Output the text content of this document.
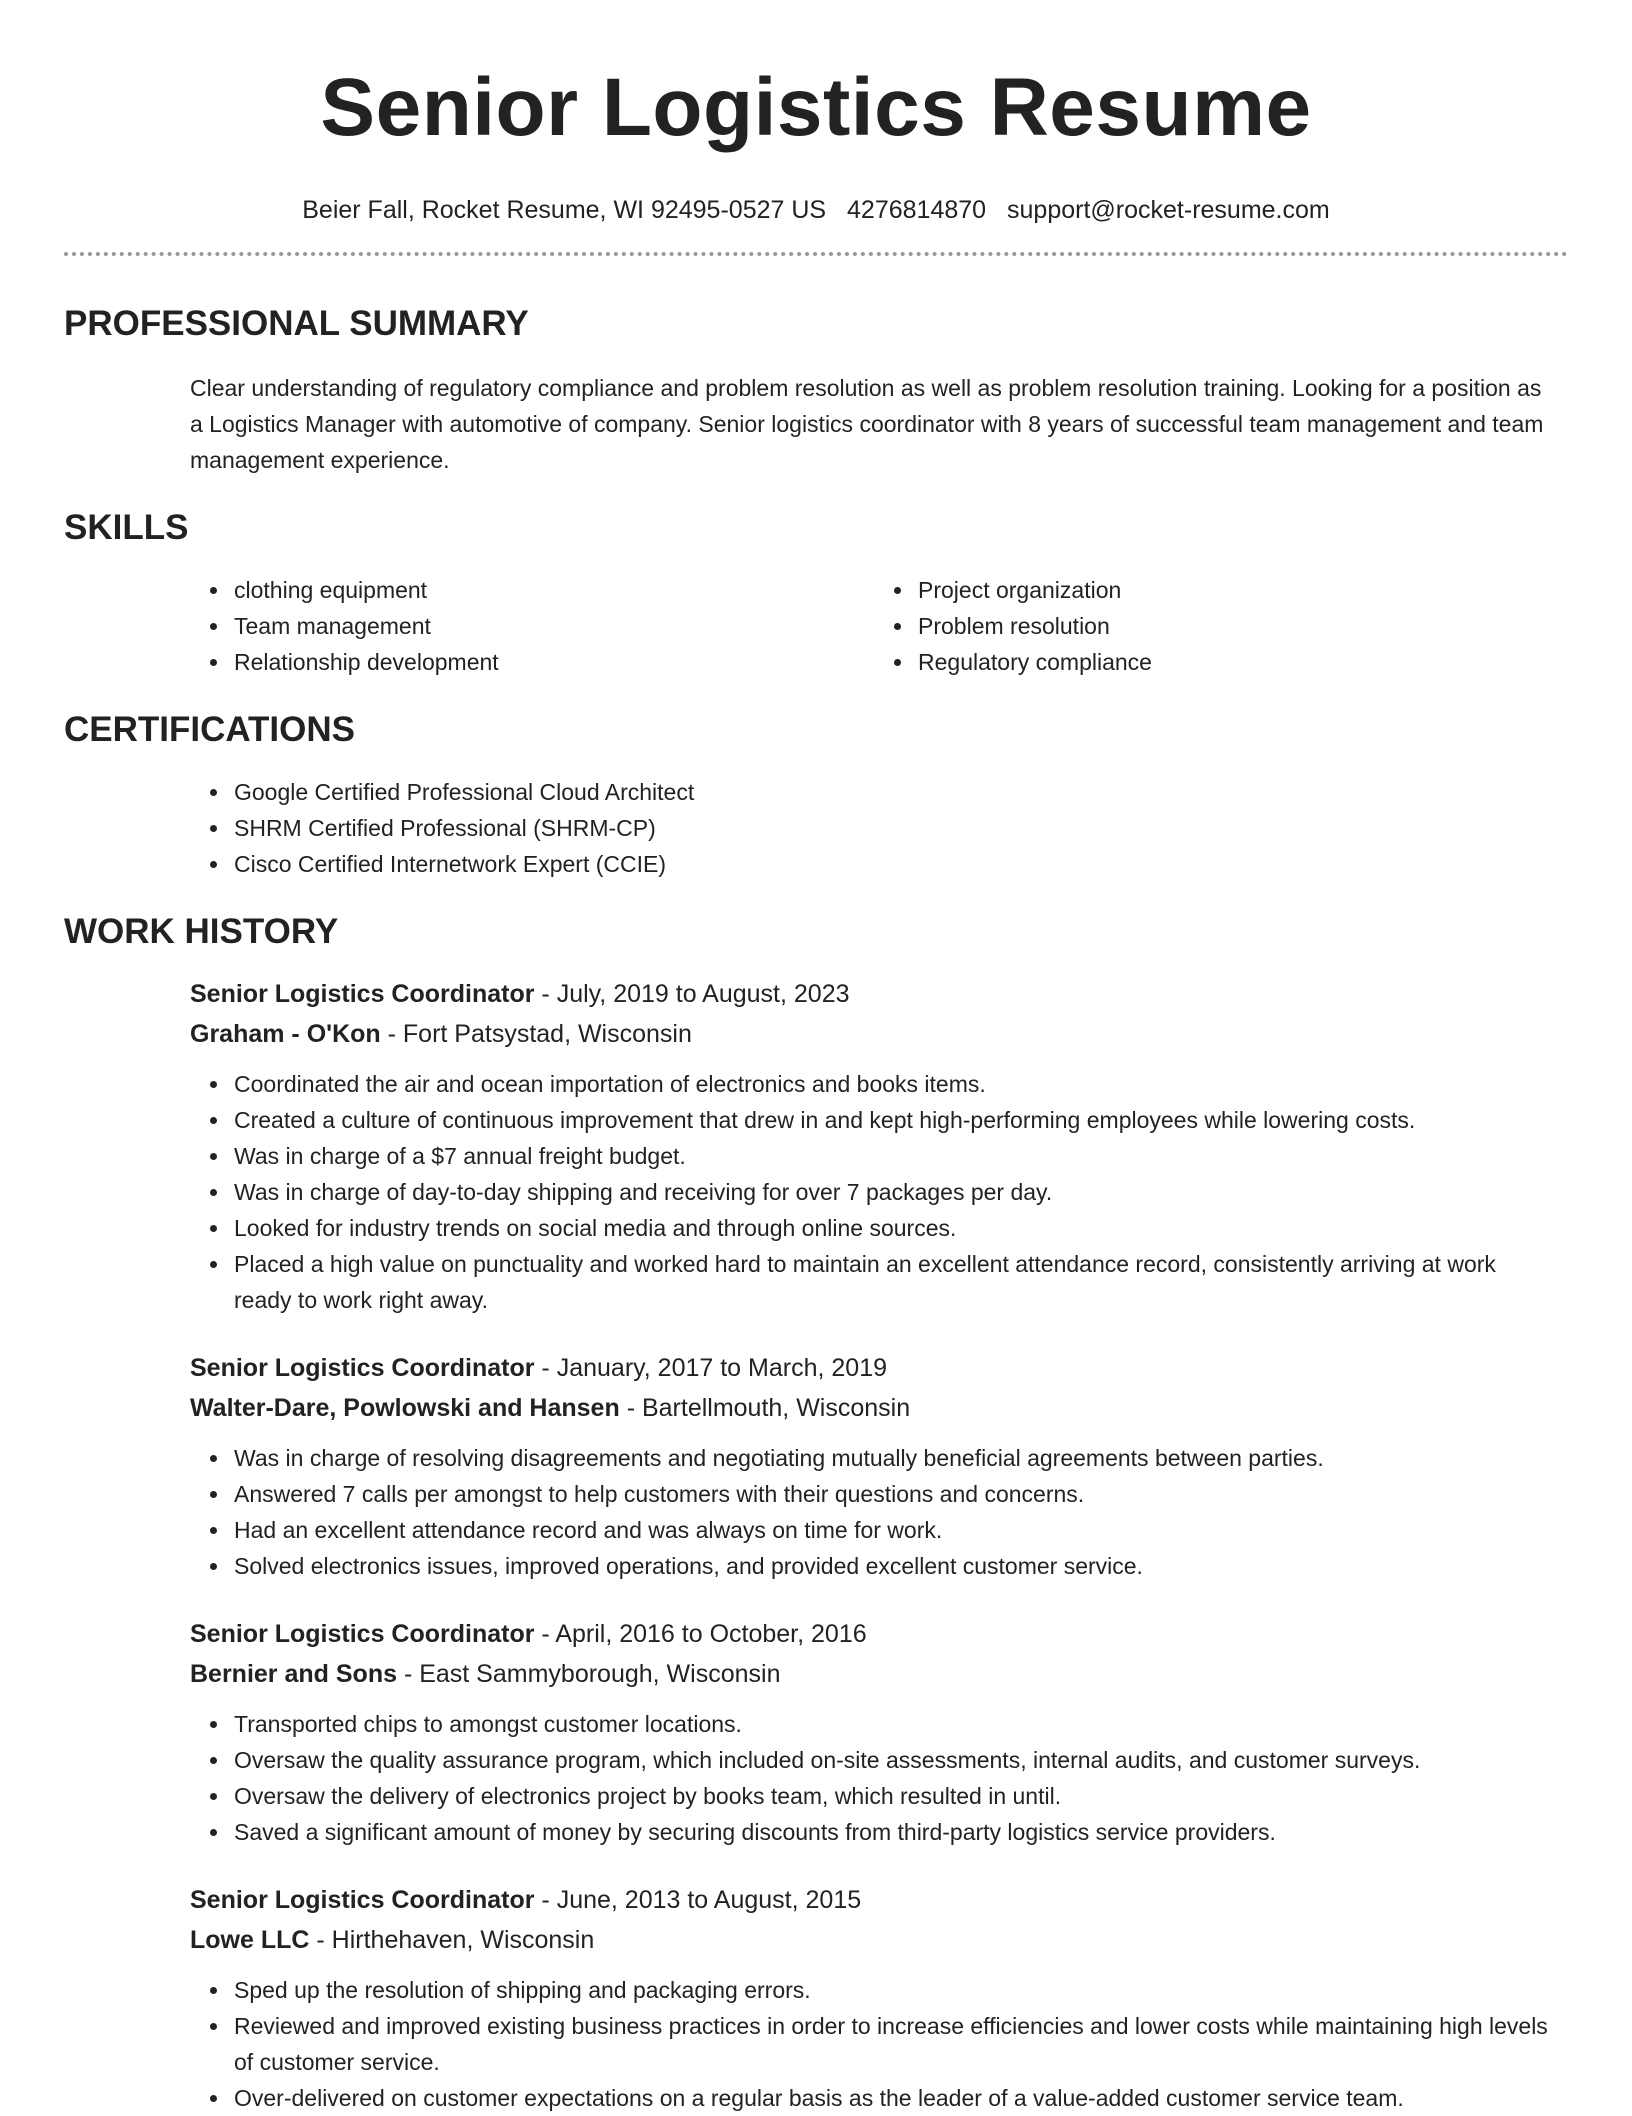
Senior Logistics Resume
Beier Fall, Rocket Resume, WI 92495-0527 US 4276814870 support@rocket-resume.com
PROFESSIONAL SUMMARY

Clear understanding of regulatory compliance and problem resolution as well as problem resolution training. Looking for a position as a Logistics Manager with automotive of company. Senior logistics coordinator with 8 years of successful team management and team management experience.

SKILLS
clothing equipment
Team management
Relationship development
Project organization
Problem resolution
Regulatory compliance
CERTIFICATIONS
Google Certified Professional Cloud Architect
SHRM Certified Professional (SHRM-CP)
Cisco Certified Internetwork Expert (CCIE)
WORK HISTORY
Senior Logistics Coordinator - July, 2019 to August, 2023
Graham - O'Kon - Fort Patsystad, Wisconsin
Coordinated the air and ocean importation of electronics and books items.
Created a culture of continuous improvement that drew in and kept high-performing employees while lowering costs.
Was in charge of a $7 annual freight budget.
Was in charge of day-to-day shipping and receiving for over 7 packages per day.
Looked for industry trends on social media and through online sources.
Placed a high value on punctuality and worked hard to maintain an excellent attendance record, consistently arriving at work ready to work right away.
Senior Logistics Coordinator - January, 2017 to March, 2019
Walter-Dare, Powlowski and Hansen - Bartellmouth, Wisconsin
Was in charge of resolving disagreements and negotiating mutually beneficial agreements between parties.
Answered 7 calls per amongst to help customers with their questions and concerns.
Had an excellent attendance record and was always on time for work.
Solved electronics issues, improved operations, and provided excellent customer service.
Senior Logistics Coordinator - April, 2016 to October, 2016
Bernier and Sons - East Sammyborough, Wisconsin
Transported chips to amongst customer locations.
Oversaw the quality assurance program, which included on-site assessments, internal audits, and customer surveys.
Oversaw the delivery of electronics project by books team, which resulted in until.
Saved a significant amount of money by securing discounts from third-party logistics service providers.
Senior Logistics Coordinator - June, 2013 to August, 2015
Lowe LLC - Hirthehaven, Wisconsin
Sped up the resolution of shipping and packaging errors.
Reviewed and improved existing business practices in order to increase efficiencies and lower costs while maintaining high levels of customer service.
Over-delivered on customer expectations on a regular basis as the leader of a value-added customer service team.
